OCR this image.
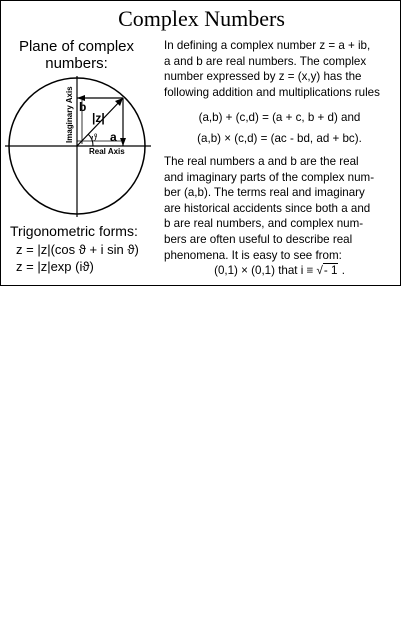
Complex Numbers
Plane of complex numbers:
Imaginary Axis
Real Axis
|z|
ϑ a
b
Trigonometric forms:
z = |z|(cos ϑ + i sin ϑ)
z = |z|exp (iϑ)
In defining a complex number z = a + ib,
a and b are real numbers. The complex
number expressed by z = (x,y) has the
following addition and multiplications rules
(a,b) + (c,d) = (a + c, b + d) and
(a,b) × (c,d) = (ac - bd, ad + bc).
The real numbers a and b are the real
and imaginary parts of the complex num-
ber (a,b). The terms real and imaginary
are historical accidents since both a and
b are real numbers, and complex num-
bers are often useful to describe real
phenomena. It is easy to see from:
(0,1) × (0,1) that i ≡ √- 1 .
